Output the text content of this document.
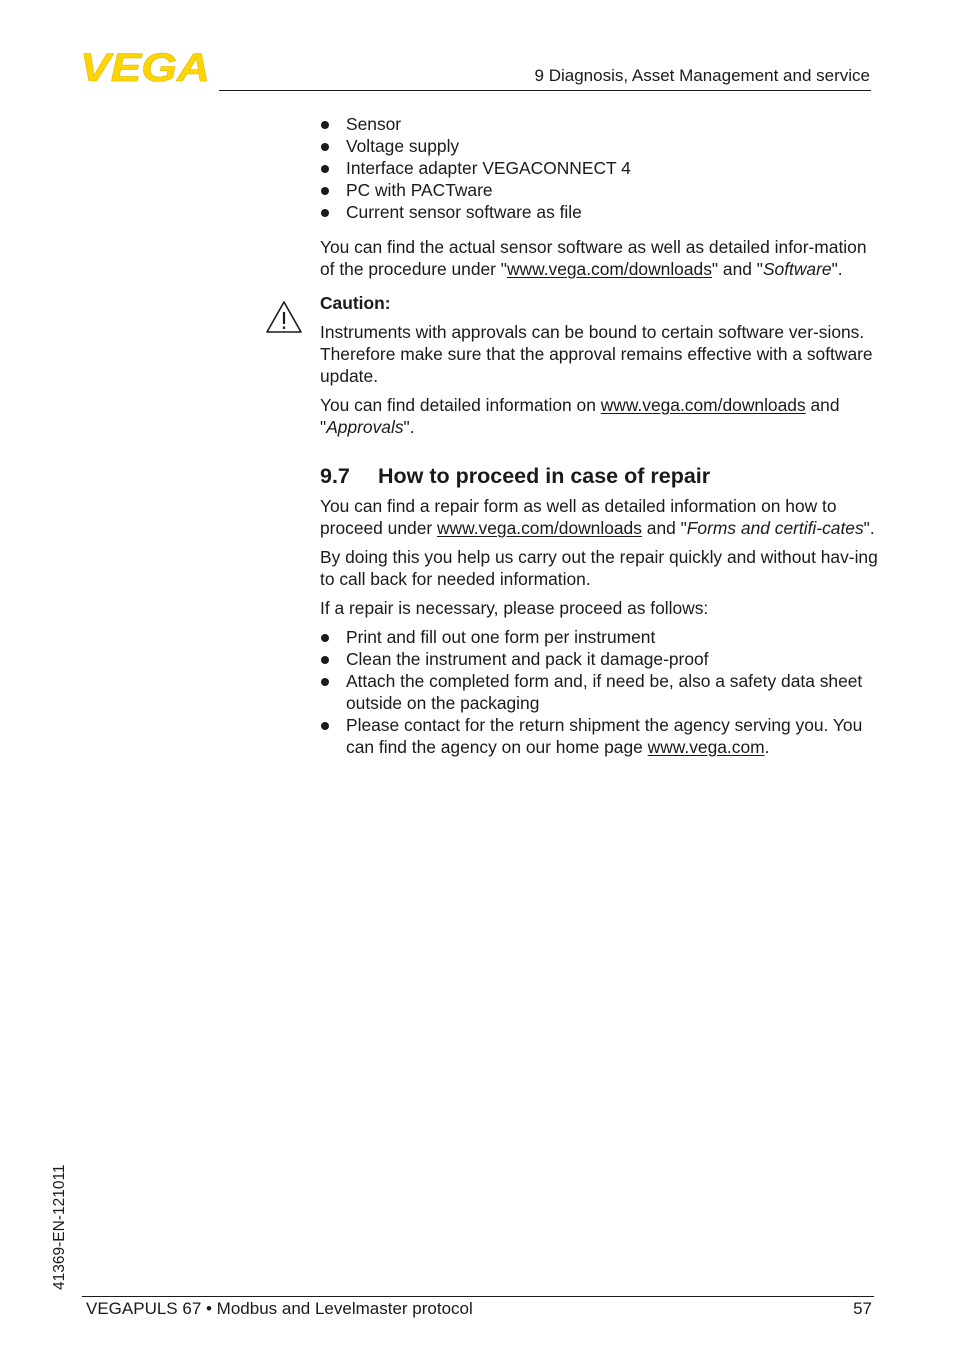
VEGA	9 Diagnosis, Asset Management and service
Sensor
Voltage supply
Interface adapter VEGACONNECT 4
PC with PACTware
Current sensor software as file

You can find the actual sensor software as well as detailed infor-mation of the procedure under "www.vega.com/downloads" and "Software".

Caution:

Instruments with approvals can be bound to certain software ver-sions. Therefore make sure that the approval remains effective with a software update.

You can find detailed information on www.vega.com/downloads and "Approvals".

9.7 How to proceed in case of repair

You can find a repair form as well as detailed information on how to proceed under www.vega.com/downloads and "Forms and certifi-cates".

By doing this you help us carry out the repair quickly and without hav-ing to call back for needed information.

If a repair is necessary, please proceed as follows:

Print and fill out one form per instrument
Clean the instrument and pack it damage-proof
Attach the completed form and, if need be, also a safety data sheet outside on the packaging
Please contact for the return shipment the agency serving you. You can find the agency on our home page www.vega.com.
41369-EN-121011
VEGAPULS 67 • Modbus and Levelmaster protocol	57
